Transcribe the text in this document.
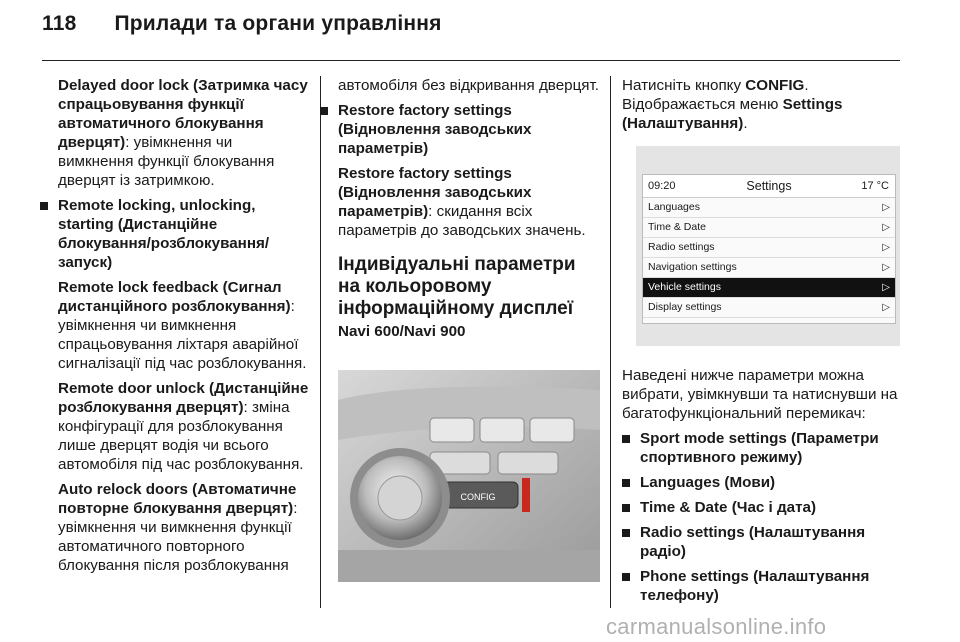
118 Прилади та органи управління

Delayed door lock (Затримка часу спрацьовування функції автоматичного блокування дверцят): увімкнення чи вимкнення функції блокування дверцят із затримкою.

Remote locking, unlocking, starting (Дистанційне блокування/розблокування/запуск)

Remote lock feedback (Сигнал дистанційного розблокування): увімкнення чи вимкнення спрацьовування ліхтаря аварійної сигналізації під час розблокування.

Remote door unlock (Дистанційне розблокування дверцят): зміна конфігурації для розблокування лише дверцят водія чи всього автомобіля під час розблокування.

Auto relock doors (Автоматичне повторне блокування дверцят): увімкнення чи вимкнення функції автоматичного повторного блокування після розблокування

автомобіля без відкривання дверцят.

Restore factory settings (Відновлення заводських параметрів)

Restore factory settings (Відновлення заводських параметрів): скидання всіх параметрів до заводських значень.

Індивідуальні параметри на кольоровому інформаційному дисплеї
Navi 600/Navi 900
CONFIG

Натисніть кнопку CONFIG.
Відображається меню Settings (Налаштування).

09:20	Settings	17 °C
Languages	▷
Time & Date	▷
Radio settings	▷
Navigation settings	▷
Vehicle settings	▷
Display settings	▷

Наведені нижче параметри можна вибрати, увімкнувши та натиснувши на багатофункціональний перемикач:

Sport mode settings (Параметри спортивного режиму)
Languages (Мови)
Time & Date (Час і дата)
Radio settings (Налаштування радіо)
Phone settings (Налаштування телефону)
carmanualsonline.info
